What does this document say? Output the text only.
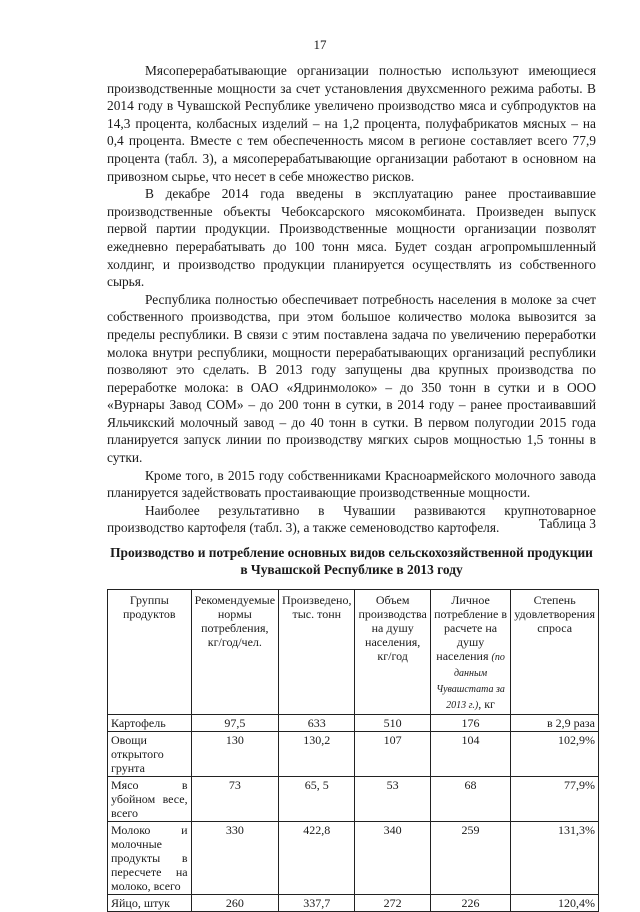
17

Мясоперерабатывающие организации полностью используют имеющиеся производственные мощности за счет установления двухсменного режима работы. В 2014 году в Чувашской Республике увеличено производство мяса и субпродуктов на 14,3 процента, колбасных изделий – на 1,2 процента, полуфабрикатов мясных – на 0,4 процента. Вместе с тем обеспеченность мясом в регионе составляет всего 77,9 процента (табл. 3), а мясоперерабатывающие организации работают в основном на привозном сырье, что несет в себе множество рисков.

В декабре 2014 года введены в эксплуатацию ранее простаивавшие производственные объекты Чебоксарского мясокомбината. Произведен выпуск первой партии продукции. Производственные мощности организации позволят ежедневно перерабатывать до 100 тонн мяса. Будет создан агропромышленный холдинг, и производство продукции планируется осуществлять из собственного сырья.

Республика полностью обеспечивает потребность населения в молоке за счет собственного производства, при этом большое количество молока вывозится за пределы республики. В связи с этим поставлена задача по увеличению переработки молока внутри республики, мощности перерабатывающих организаций республики позволяют это сделать. В 2013 году запущены два крупных производства по переработке молока: в ОАО «Ядринмолоко» – до 350 тонн в сутки и в ООО «Вурнары Завод СОМ» – до 200 тонн в сутки, в 2014 году – ранее простаивавший Яльчикский молочный завод – до 40 тонн в сутки. В первом полугодии 2015 года планируется запуск линии по производству мягких сыров мощностью 1,5 тонны в сутки.

Кроме того, в 2015 году собственниками Красноармейского молочного завода планируется задействовать простаивающие производственные мощности.

Наиболее результативно в Чувашии развиваются крупнотоварное производство картофеля (табл. 3), а также семеноводство картофеля.	Таблица 3
Производство и потребление основных видов сельскохозяйственной продукции в Чувашской Республике в 2013 году
Группы продуктов	Рекомендуемые нормы потребления, кг/год/чел.	Произведено, тыс. тонн	Объем производства на душу населения, кг/год	Личное потребление в расчете на душу населения (по данным Чувашстата за 2013 г.), кг	Степень удовлетворения спроса
Картофель	97,5	633	510	176	в 2,9 раза
Овощи открытого грунта	130	130,2	107	104	102,9%
Мясо в убойном весе, всего	73	65, 5	53	68	77,9%
Молоко и молочные продукты в пересчете на молоко, всего	330	422,8	340	259	131,3%
Яйцо, штук	260	337,7	272	226	120,4%
